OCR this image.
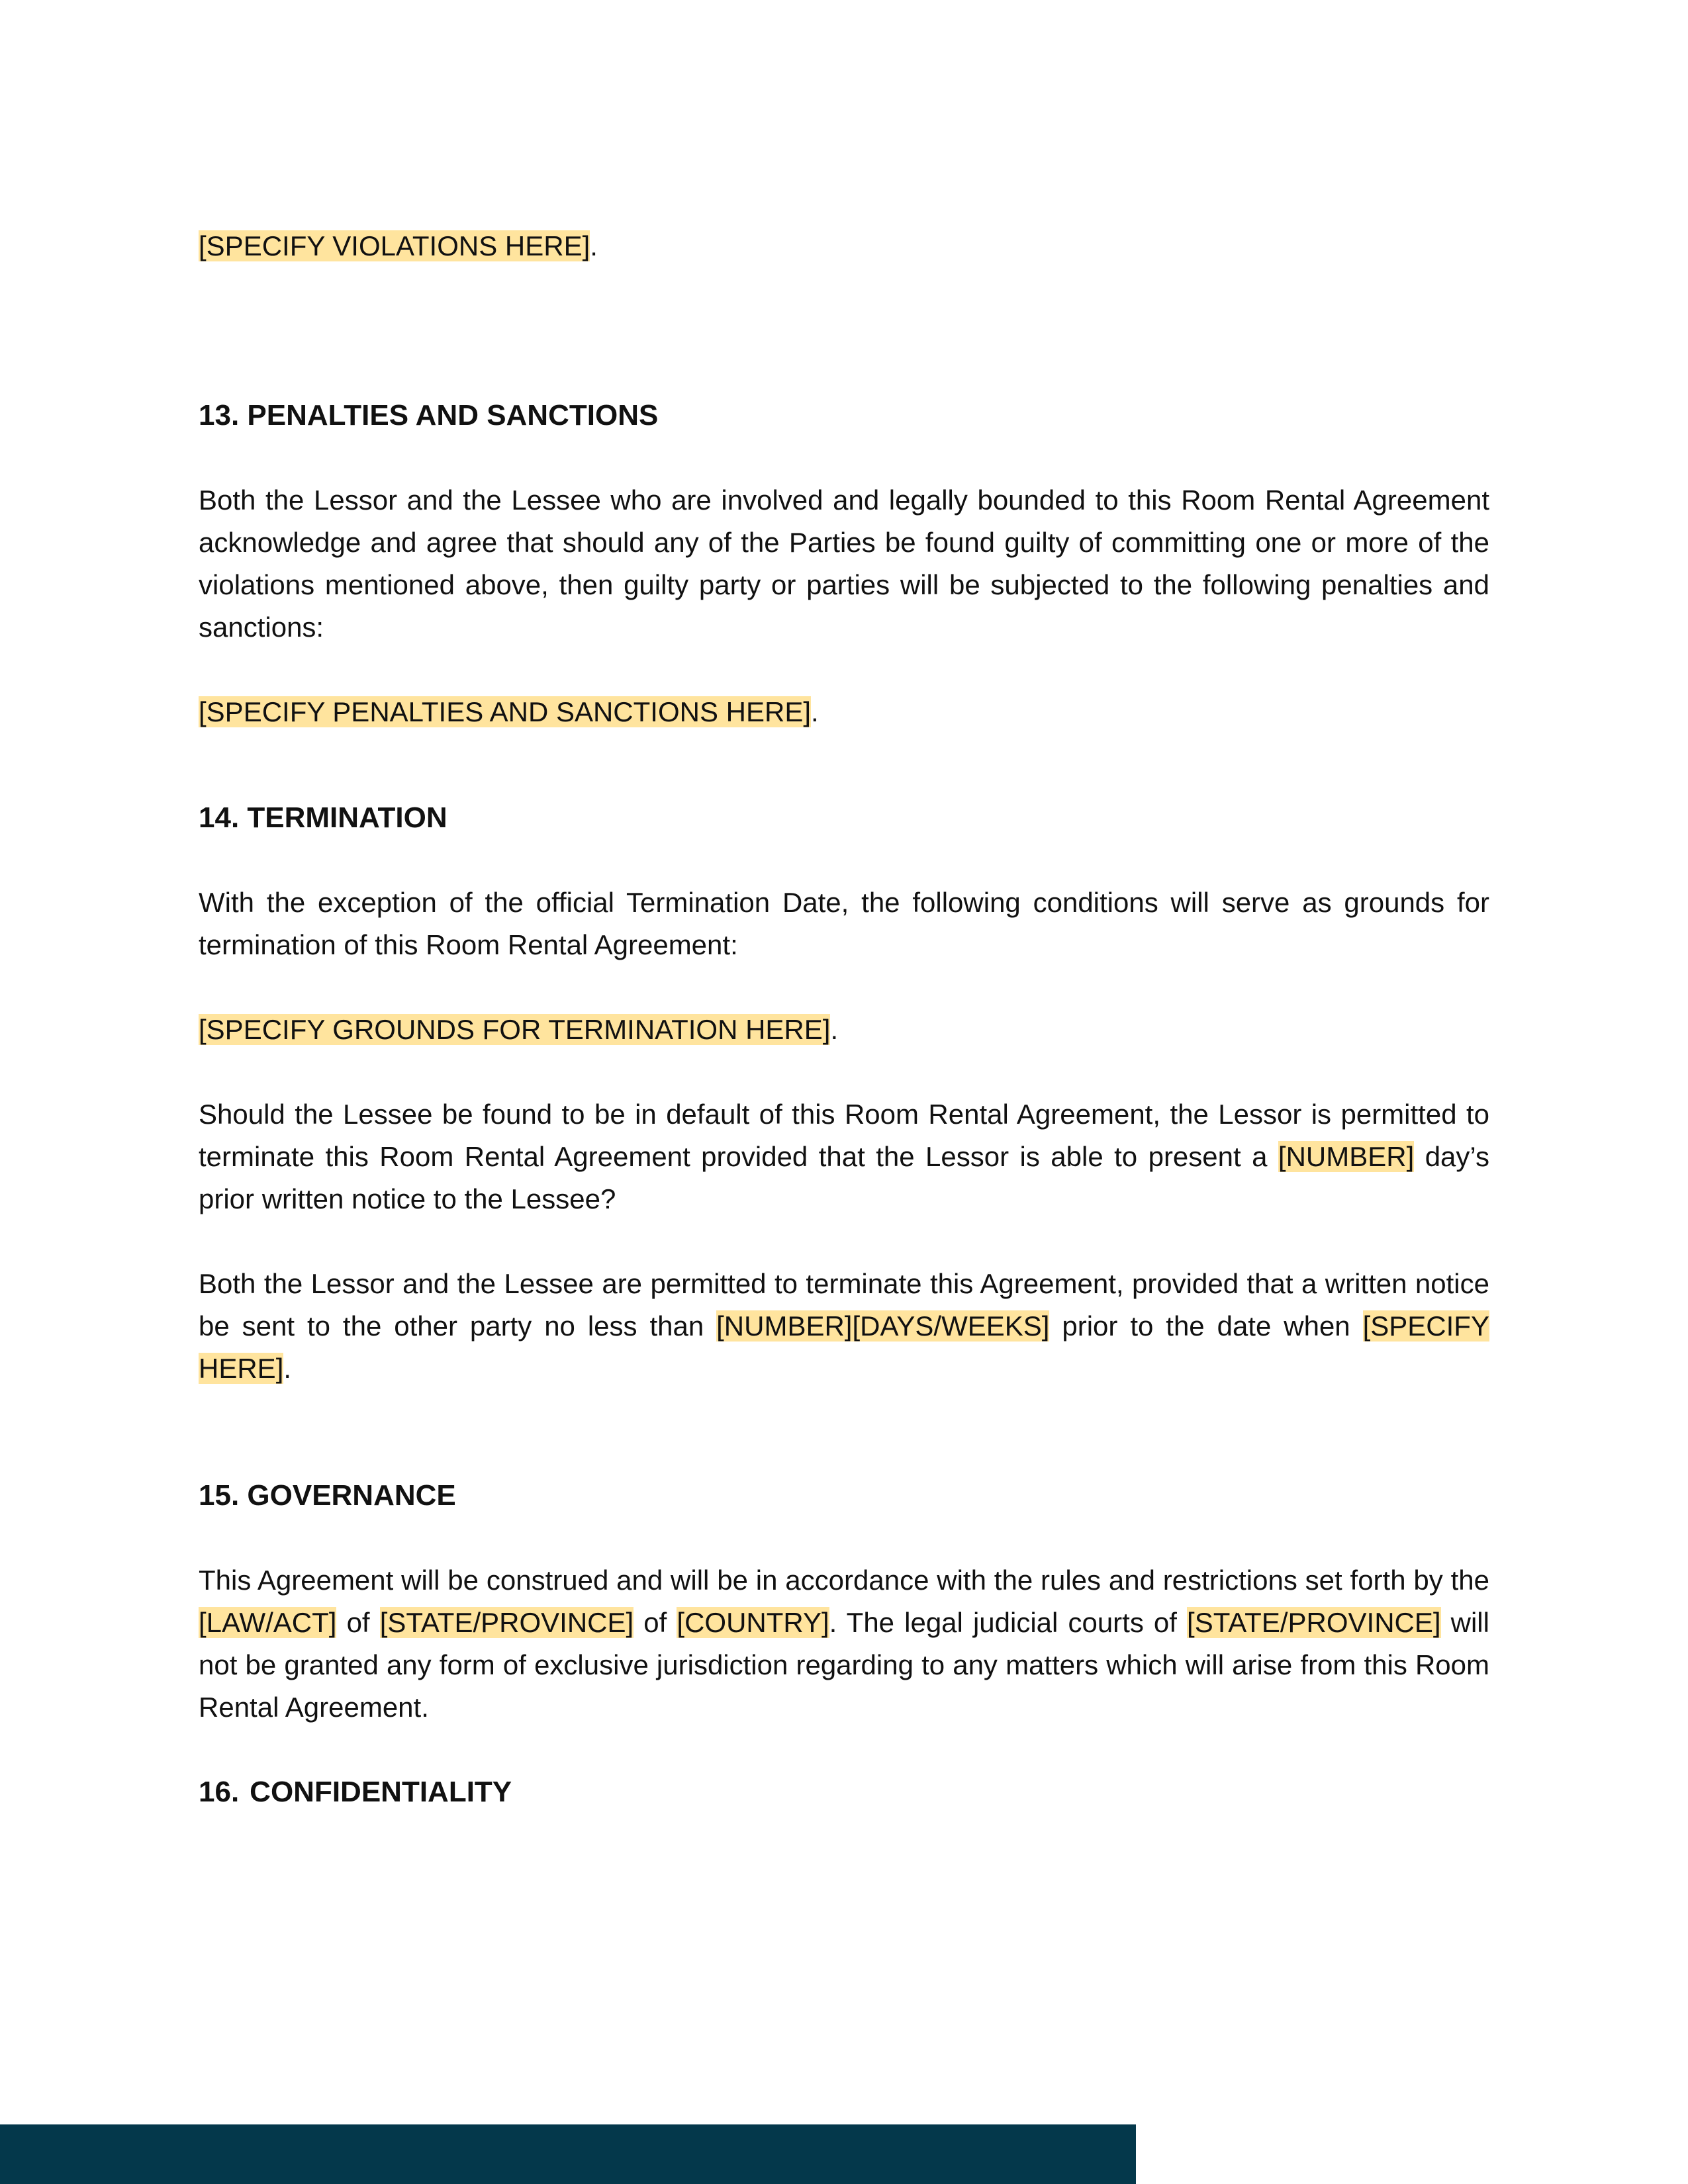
[SPECIFY VIOLATIONS HERE].

13. PENALTIES AND SANCTIONS

Both the Lessor and the Lessee who are involved and legally bounded to this Room Rental Agreement acknowledge and agree that should any of the Parties be found guilty of committing one or more of the violations mentioned above, then guilty party or parties will be subjected to the following penalties and sanctions:

[SPECIFY PENALTIES AND SANCTIONS HERE].

14. TERMINATION

With the exception of the official Termination Date, the following conditions will serve as grounds for termination of this Room Rental Agreement:

[SPECIFY GROUNDS FOR TERMINATION HERE].

Should the Lessee be found to be in default of this Room Rental Agreement, the Lessor is permitted to terminate this Room Rental Agreement provided that the Lessor is able to present a [NUMBER] day’s prior written notice to the Lessee?

Both the Lessor and the Lessee are permitted to terminate this Agreement, provided that a written notice be sent to the other party no less than [NUMBER][DAYS/WEEKS] prior to the date when [SPECIFY HERE].

15. GOVERNANCE

This Agreement will be construed and will be in accordance with the rules and restrictions set forth by the [LAW/ACT] of [STATE/PROVINCE] of [COUNTRY]. The legal judicial courts of [STATE/PROVINCE] will not be granted any form of exclusive jurisdiction regarding to any matters which will arise from this Room Rental Agreement.

16. CONFIDENTIALITY
